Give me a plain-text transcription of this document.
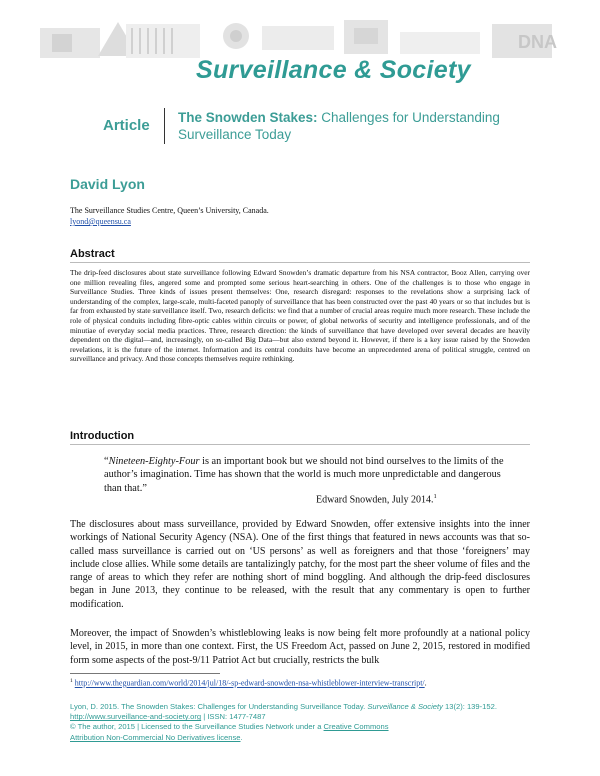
DNA
Surveillance & Society
Article The Snowden Stakes: Challenges for Understanding Surveillance Today
David Lyon
The Surveillance Studies Centre, Queen’s University, Canada.
lyond@queensu.ca
Abstract
The drip-feed disclosures about state surveillance following Edward Snowden’s dramatic departure from his NSA contractor, Booz Allen, carrying over one million revealing files, angered some and prompted some serious heart-searching in others. One of the challenges is to those who engage in Surveillance Studies. Three kinds of issues present themselves: One, research disregard: responses to the revelations show a surprising lack of understanding of the complex, large-scale, multi-faceted panoply of surveillance that has been constructed over the past 40 years or so that includes but is far from exhausted by state surveillance itself. Two, research deficits: we find that a number of crucial areas require much more research. These include the role of physical conduits including fibre-optic cables within circuits or power, of global networks of security and intelligence professionals, and of the minutiae of everyday social media practices. Three, research direction: the kinds of surveillance that have developed over several decades are heavily dependent on the digital—and, increasingly, on so-called Big Data—but also extend beyond it. However, if there is a key issue raised by the Snowden revelations, it is the future of the internet. Information and its central conduits have become an unprecedented arena of political struggle, centred on surveillance and privacy. And those concepts themselves require rethinking.
Introduction
“Nineteen-Eighty-Four is an important book but we should not bind ourselves to the limits of the author’s imagination. Time has shown that the world is much more unpredictable and dangerous than that.”
Edward Snowden, July 2014.$^1$
The disclosures about mass surveillance, provided by Edward Snowden, offer extensive insights into the inner workings of National Security Agency (NSA). One of the first things that featured in news accounts was that so-called mass surveillance is carried out on ‘US persons’ as well as foreigners and that those ‘foreigners’ may include close allies. While some details are tantalizingly patchy, for the most part the sheer volume of files and the range of areas to which they refer are nothing short of mind boggling. And although the drip-feed disclosures began in June 2013, they continue to be released, with the result that any commentary is open to further modification.
Moreover, the impact of Snowden’s whistleblowing leaks is now being felt more profoundly at a national policy level, in 2015, in more than one context. First, the US Freedom Act, passed on June 2, 2015, restored in modified form some aspects of the post-9/11 Patriot Act but crucially, restricts the bulk
$^1$ http://www.theguardian.com/world/2014/jul/18/-sp-edward-snowden-nsa-whistleblower-interview-transcript/.
Lyon, D. 2015. The Snowden Stakes: Challenges for Understanding Surveillance Today. Surveillance & Society 13(2): 139-152. http://www.surveillance-and-society.org | ISSN: 1477-7487
© The author, 2015 | Licensed to the Surveillance Studies Network under a Creative Commons
Attribution Non-Commercial No Derivatives license.
